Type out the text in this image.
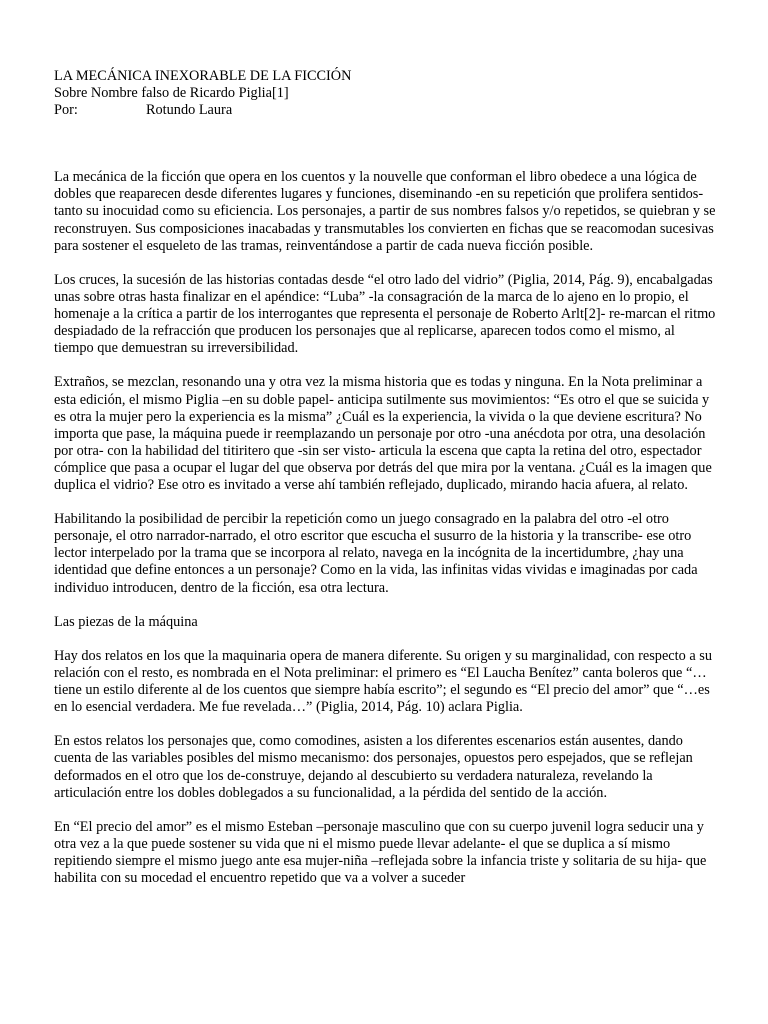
LA MECÁNICA INEXORABLE DE LA FICCIÓN
Sobre Nombre falso de Ricardo Piglia[1]
Por:	Rotundo Laura

La mecánica de la ficción que opera en los cuentos y la nouvelle que conforman el libro obedece a una lógica de dobles que reaparecen desde diferentes lugares y funciones, diseminando -en su repetición que prolifera sentidos- tanto su inocuidad como su eficiencia. Los personajes, a partir de sus nombres falsos y/o repetidos, se quiebran y se reconstruyen. Sus composiciones inacabadas y transmutables los convierten en fichas que se reacomodan sucesivas para sostener el esqueleto de las tramas, reinventándose a partir de cada nueva ficción posible.

Los cruces, la sucesión de las historias contadas desde “el otro lado del vidrio” (Piglia, 2014, Pág. 9), encabalgadas unas sobre otras hasta finalizar en el apéndice: “Luba” -la consagración de la marca de lo ajeno en lo propio, el homenaje a la crítica a partir de los interrogantes que representa el personaje de Roberto Arlt[2]- re-marcan el ritmo despiadado de la refracción que producen los personajes que al replicarse, aparecen todos como el mismo, al tiempo que demuestran su irreversibilidad.

Extraños, se mezclan, resonando una y otra vez la misma historia que es todas y ninguna. En la Nota preliminar a esta edición, el mismo Piglia –en su doble papel- anticipa sutilmente sus movimientos: “Es otro el que se suicida y es otra la mujer pero la experiencia es la misma” ¿Cuál es la experiencia, la vivida o la que deviene escritura? No importa que pase, la máquina puede ir reemplazando un personaje por otro -una anécdota por otra, una desolación por otra- con la habilidad del titiritero que -sin ser visto- articula la escena que capta la retina del otro, espectador cómplice que pasa a ocupar el lugar del que observa por detrás del que mira por la ventana. ¿Cuál es la imagen que duplica el vidrio? Ese otro es invitado a verse ahí también reflejado, duplicado, mirando hacia afuera, al relato.

Habilitando la posibilidad de percibir la repetición como un juego consagrado en la palabra del otro -el otro personaje, el otro narrador-narrado, el otro escritor que escucha el susurro de la historia y la transcribe- ese otro lector interpelado por la trama que se incorpora al relato, navega en la incógnita de la incertidumbre, ¿hay una identidad que define entonces a un personaje? Como en la vida, las infinitas vidas vividas e imaginadas por cada individuo introducen, dentro de la ficción, esa otra lectura.

Las piezas de la máquina

Hay dos relatos en los que la maquinaria opera de manera diferente. Su origen y su marginalidad, con respecto a su relación con el resto, es nombrada en el Nota preliminar: el primero es “El Laucha Benítez” canta boleros que “…tiene un estilo diferente al de los cuentos que siempre había escrito”; el segundo es “El precio del amor” que “…es en lo esencial verdadera. Me fue revelada…” (Piglia, 2014, Pág. 10) aclara Piglia.

En estos relatos los personajes que, como comodines, asisten a los diferentes escenarios están ausentes, dando cuenta de las variables posibles del mismo mecanismo: dos personajes, opuestos pero espejados, que se reflejan deformados en el otro que los de-construye, dejando al descubierto su verdadera naturaleza, revelando la articulación entre los dobles doblegados a su funcionalidad, a la pérdida del sentido de la acción.

En “El precio del amor” es el mismo Esteban –personaje masculino que con su cuerpo juvenil logra seducir una y otra vez a la que puede sostener su vida que ni el mismo puede llevar adelante- el que se duplica a sí mismo repitiendo siempre el mismo juego ante esa mujer-niña –reflejada sobre la infancia triste y solitaria de su hija- que habilita con su mocedad el encuentro repetido que va a volver a suceder
